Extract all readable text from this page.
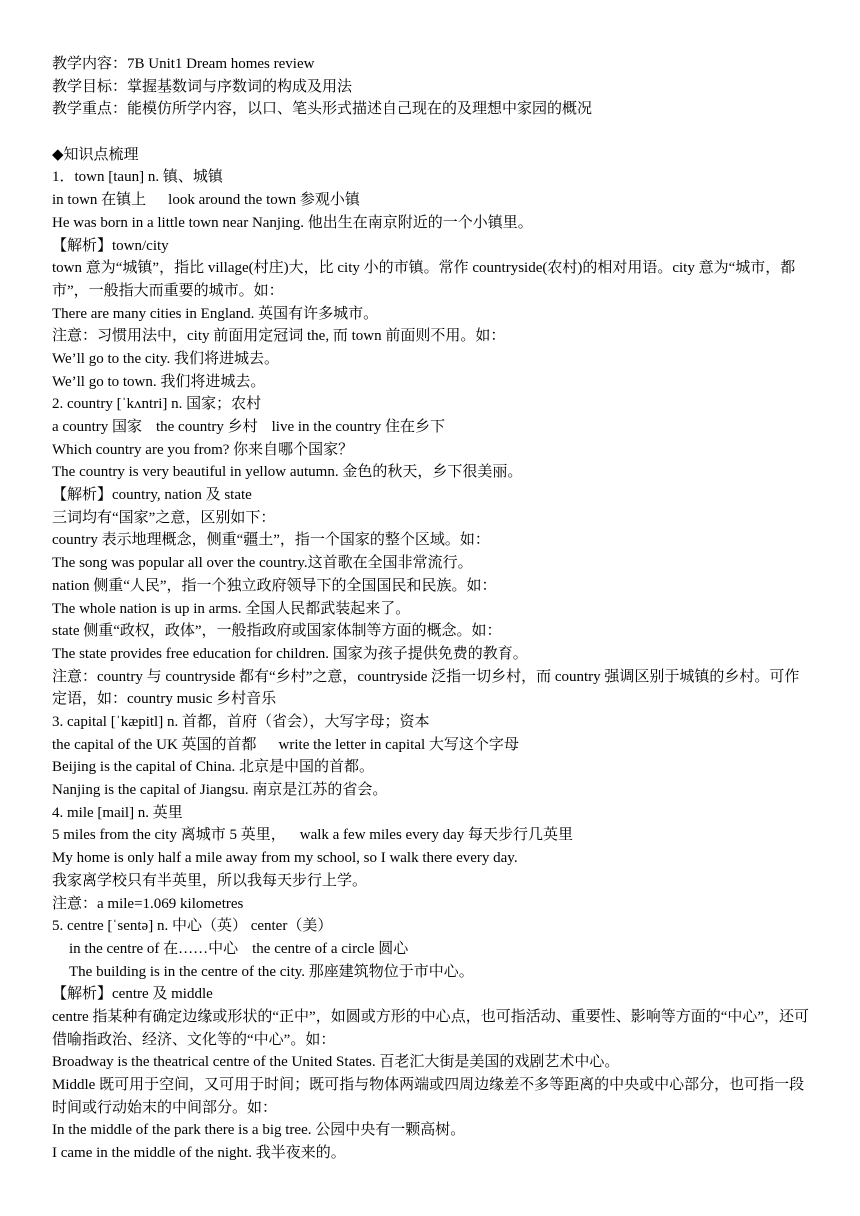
教学内容：7B Unit1 Dream homes review
教学目标：掌握基数词与序数词的构成及用法
教学重点：能模仿所学内容，以口、笔头形式描述自己现在的及理想中家园的概况
◆知识点梳理
1．town [taun] n. 镇、城镇
in town 在镇上 look around the town 参观小镇
He was born in a little town near Nanjing. 他出生在南京附近的一个小镇里。
【解析】town/city
town 意为“城镇”，指比 village(村庄)大，比 city 小的市镇。常作 countryside(农村)的相对用语。city 意为“城市，都市”，一般指大而重要的城市。如：
There are many cities in England. 英国有许多城市。
注意：习惯用法中，city 前面用定冠词 the, 而 town 前面则不用。如：
We’ll go to the city. 我们将进城去。
We’ll go to town. 我们将进城去。
2. country [ˈkʌntri] n. 国家；农村
a country 国家 the country 乡村 live in the country 住在乡下
Which country are you from? 你来自哪个国家？
The country is very beautiful in yellow autumn. 金色的秋天，乡下很美丽。
【解析】country, nation 及 state
三词均有“国家”之意，区别如下：
country 表示地理概念，侧重“疆土”，指一个国家的整个区域。如：
The song was popular all over the country.这首歌在全国非常流行。
nation 侧重“人民”，指一个独立政府领导下的全国国民和民族。如：
The whole nation is up in arms. 全国人民都武装起来了。
state 侧重“政权，政体”，一般指政府或国家体制等方面的概念。如：
The state provides free education for children. 国家为孩子提供免费的教育。
注意：country 与 countryside 都有“乡村”之意，countryside 泛指一切乡村，而 country 强调区别于城镇的乡村。可作定语，如：country music 乡村音乐
3. capital [ˈkæpitl] n. 首都，首府（省会），大写字母；资本
the capital of the UK 英国的首都 write the letter in capital 大写这个字母
Beijing is the capital of China. 北京是中国的首都。
Nanjing is the capital of Jiangsu. 南京是江苏的省会。
4. mile [mail] n. 英里
5 miles from the city 离城市 5 英里， walk a few miles every day 每天步行几英里
My home is only half a mile away from my school, so I walk there every day.
我家离学校只有半英里，所以我每天步行上学。
注意：a mile=1.069 kilometres
5. centre [ˈsentə] n. 中心（英） center（美）
in the centre of 在……中心 the centre of a circle 圆心
The building is in the centre of the city. 那座建筑物位于市中心。
【解析】centre 及 middle
centre 指某种有确定边缘或形状的“正中”，如圆或方形的中心点，也可指活动、重要性、影响等方面的“中心”，还可借喻指政治、经济、文化等的“中心”。如：
Broadway is the theatrical centre of the United States. 百老汇大街是美国的戏剧艺术中心。
Middle 既可用于空间，又可用于时间；既可指与物体两端或四周边缘差不多等距离的中央或中心部分，也可指一段时间或行动始末的中间部分。如：
In the middle of the park there is a big tree. 公园中央有一颗高树。
I came in the middle of the night. 我半夜来的。
